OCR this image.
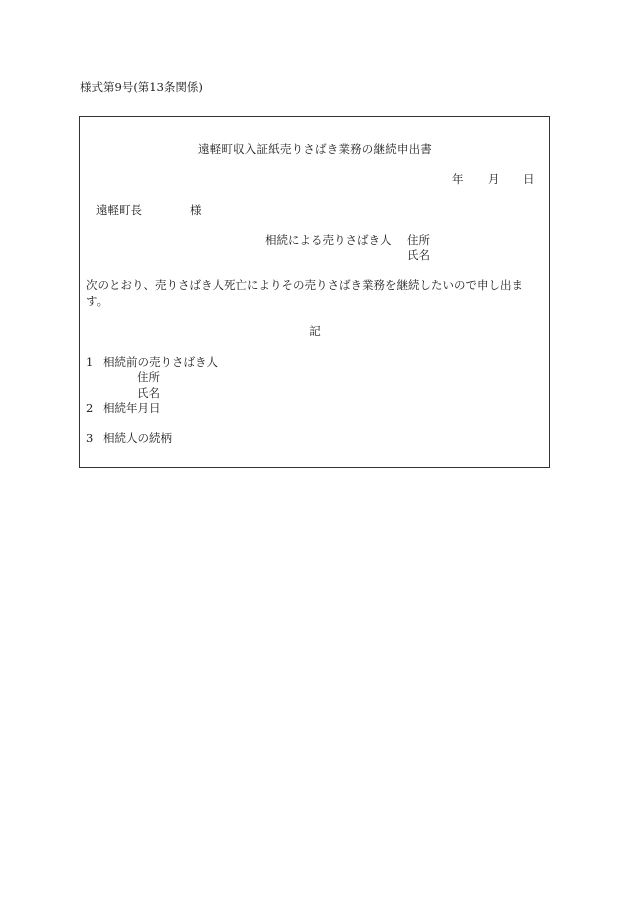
様式第9号(第13条関係)
遠軽町収入証紙売りさばき業務の継続申出書
年 月 日
遠軽町長	様
相続による売りさばき人 住所
氏名
次のとおり、売りさばき人死亡によりその売りさばき業務を継続したいので申し出ま
す。
記
1 相続前の売りさばき人
住所
氏名
2 相続年月日
3 相続人の続柄
